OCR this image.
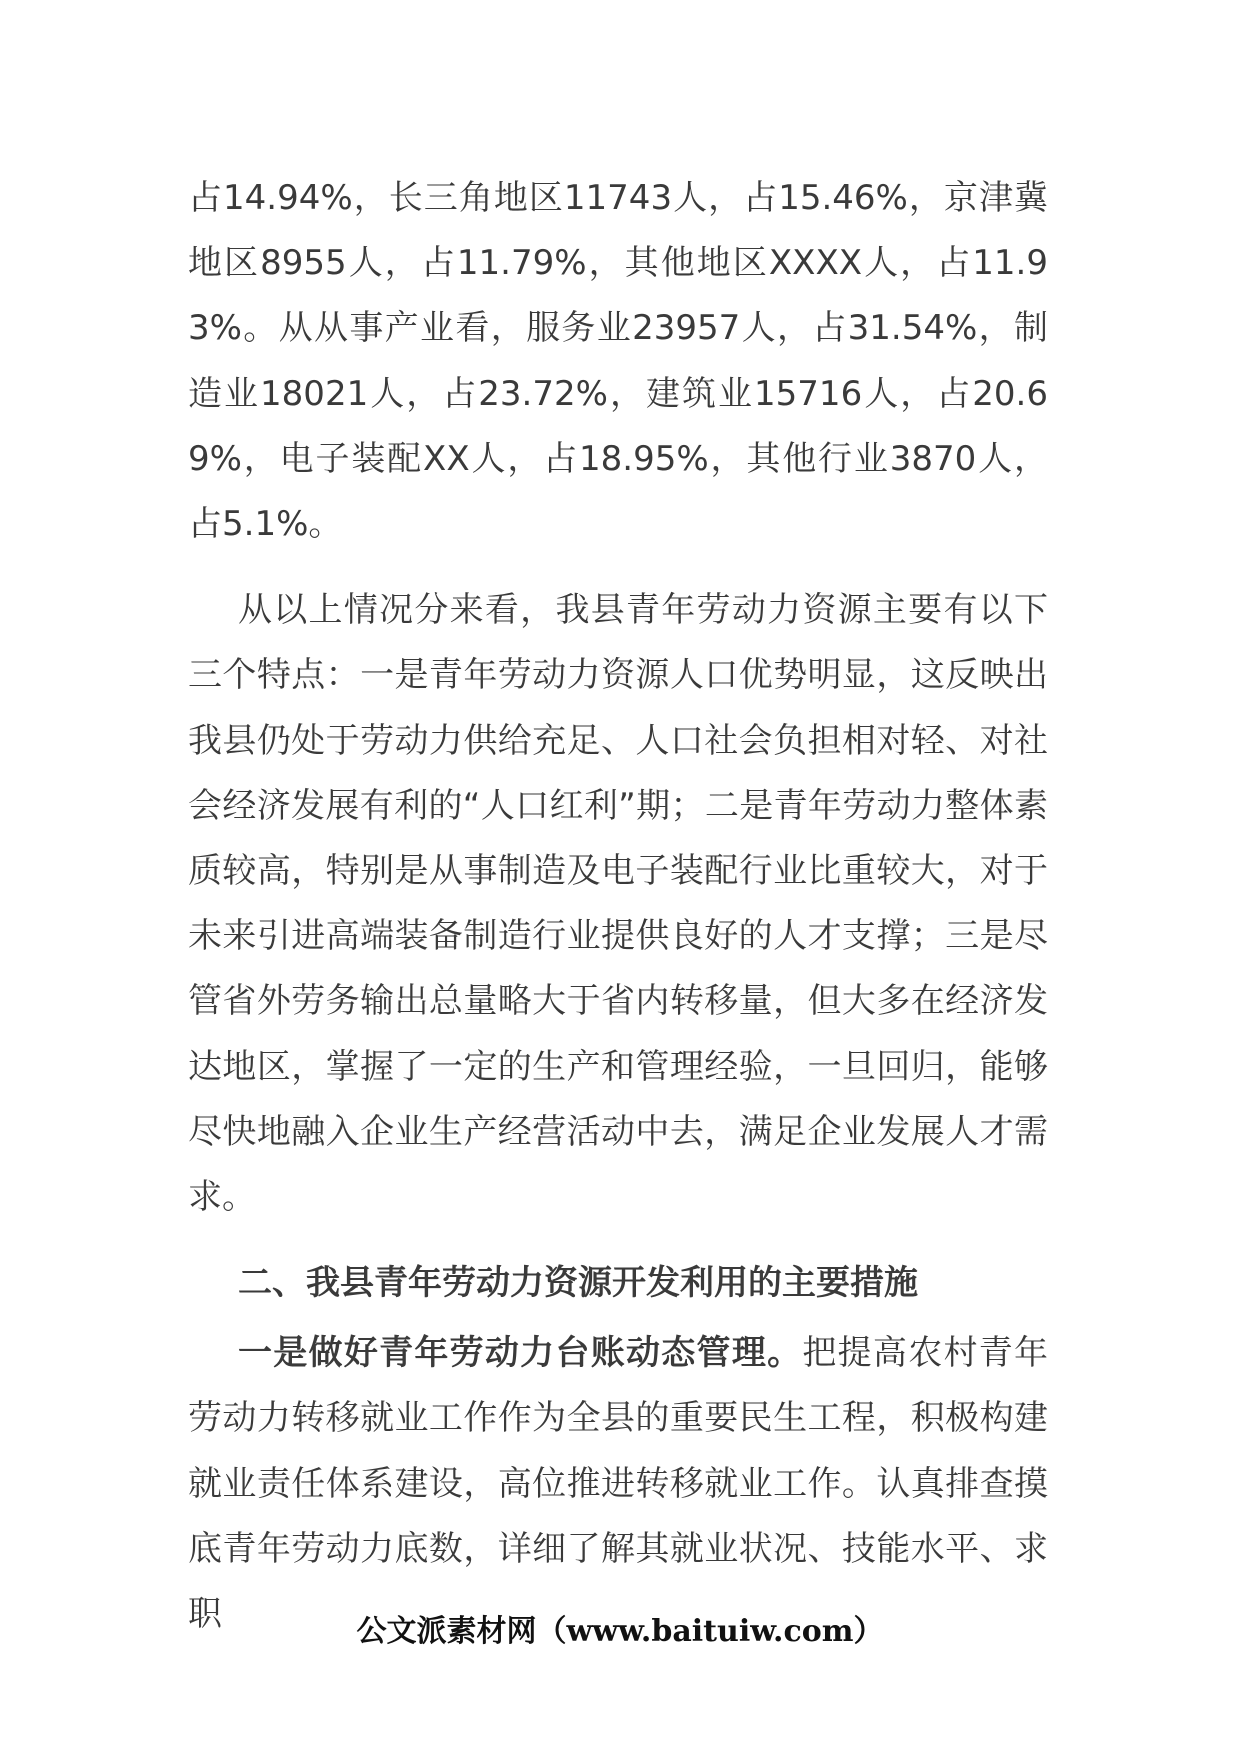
占14.94%，长三角地区11743人，占15.46%，京津冀地区8955人，占11.79%，其他地区XXXX人，占11.93%。从从事产业看，服务业23957人，占31.54%，制造业18021人，占23.72%，建筑业15716人，占20.69%，电子装配XX人，占18.95%，其他行业3870人，占5.1%。

从以上情况分来看，我县青年劳动力资源主要有以下三个特点：一是青年劳动力资源人口优势明显，这反映出我县仍处于劳动力供给充足、人口社会负担相对轻、对社会经济发展有利的“人口红利”期；二是青年劳动力整体素质较高，特别是从事制造及电子装配行业比重较大，对于未来引进高端装备制造行业提供良好的人才支撑；三是尽管省外劳务输出总量略大于省内转移量，但大多在经济发达地区，掌握了一定的生产和管理经验，一旦回归，能够尽快地融入企业生产经营活动中去，满足企业发展人才需求。

二、我县青年劳动力资源开发利用的主要措施

一是做好青年劳动力台账动态管理。把提高农村青年劳动力转移就业工作作为全县的重要民生工程，积极构建就业责任体系建设，高位推进转移就业工作。认真排查摸底青年劳动力底数，详细了解其就业状况、技能水平、求职	公文派素材网（www.baituiw.com）
